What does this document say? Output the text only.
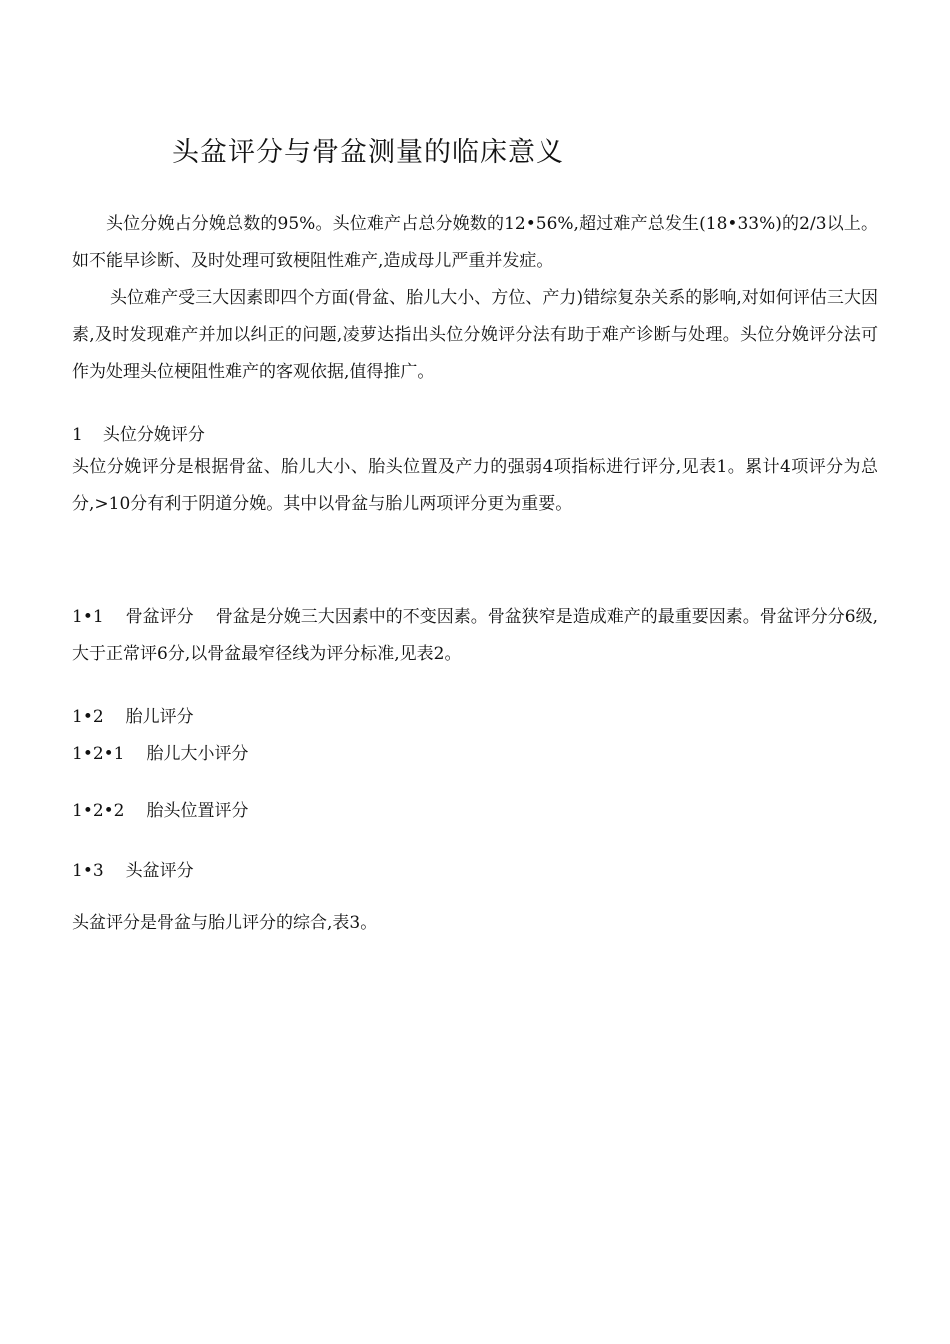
头盆评分与骨盆测量的临床意义

头位分娩占分娩总数的95%。头位难产占总分娩数的12•56%,超过难产总发生(18•33%)的2/3以上。如不能早诊断、及时处理可致梗阻性难产,造成母儿严重并发症。

头位难产受三大因素即四个方面(骨盆、胎儿大小、方位、产力)错综复杂关系的影响,对如何评估三大因素,及时发现难产并加以纠正的问题,凌萝达指出头位分娩评分法有助于难产诊断与处理。头位分娩评分法可作为处理头位梗阻性难产的客观依据,值得推广。

1 头位分娩评分

头位分娩评分是根据骨盆、胎儿大小、胎头位置及产力的强弱4项指标进行评分,见表1。累计4项评分为总分,>10分有利于阴道分娩。其中以骨盆与胎儿两项评分更为重要。

1•1 骨盆评分 骨盆是分娩三大因素中的不变因素。骨盆狭窄是造成难产的最重要因素。骨盆评分分6级,大于正常评6分,以骨盆最窄径线为评分标准,见表2。

1•2 胎儿评分
1•2•1 胎儿大小评分
1•2•2 胎头位置评分
1•3 头盆评分

头盆评分是骨盆与胎儿评分的综合,表3。
